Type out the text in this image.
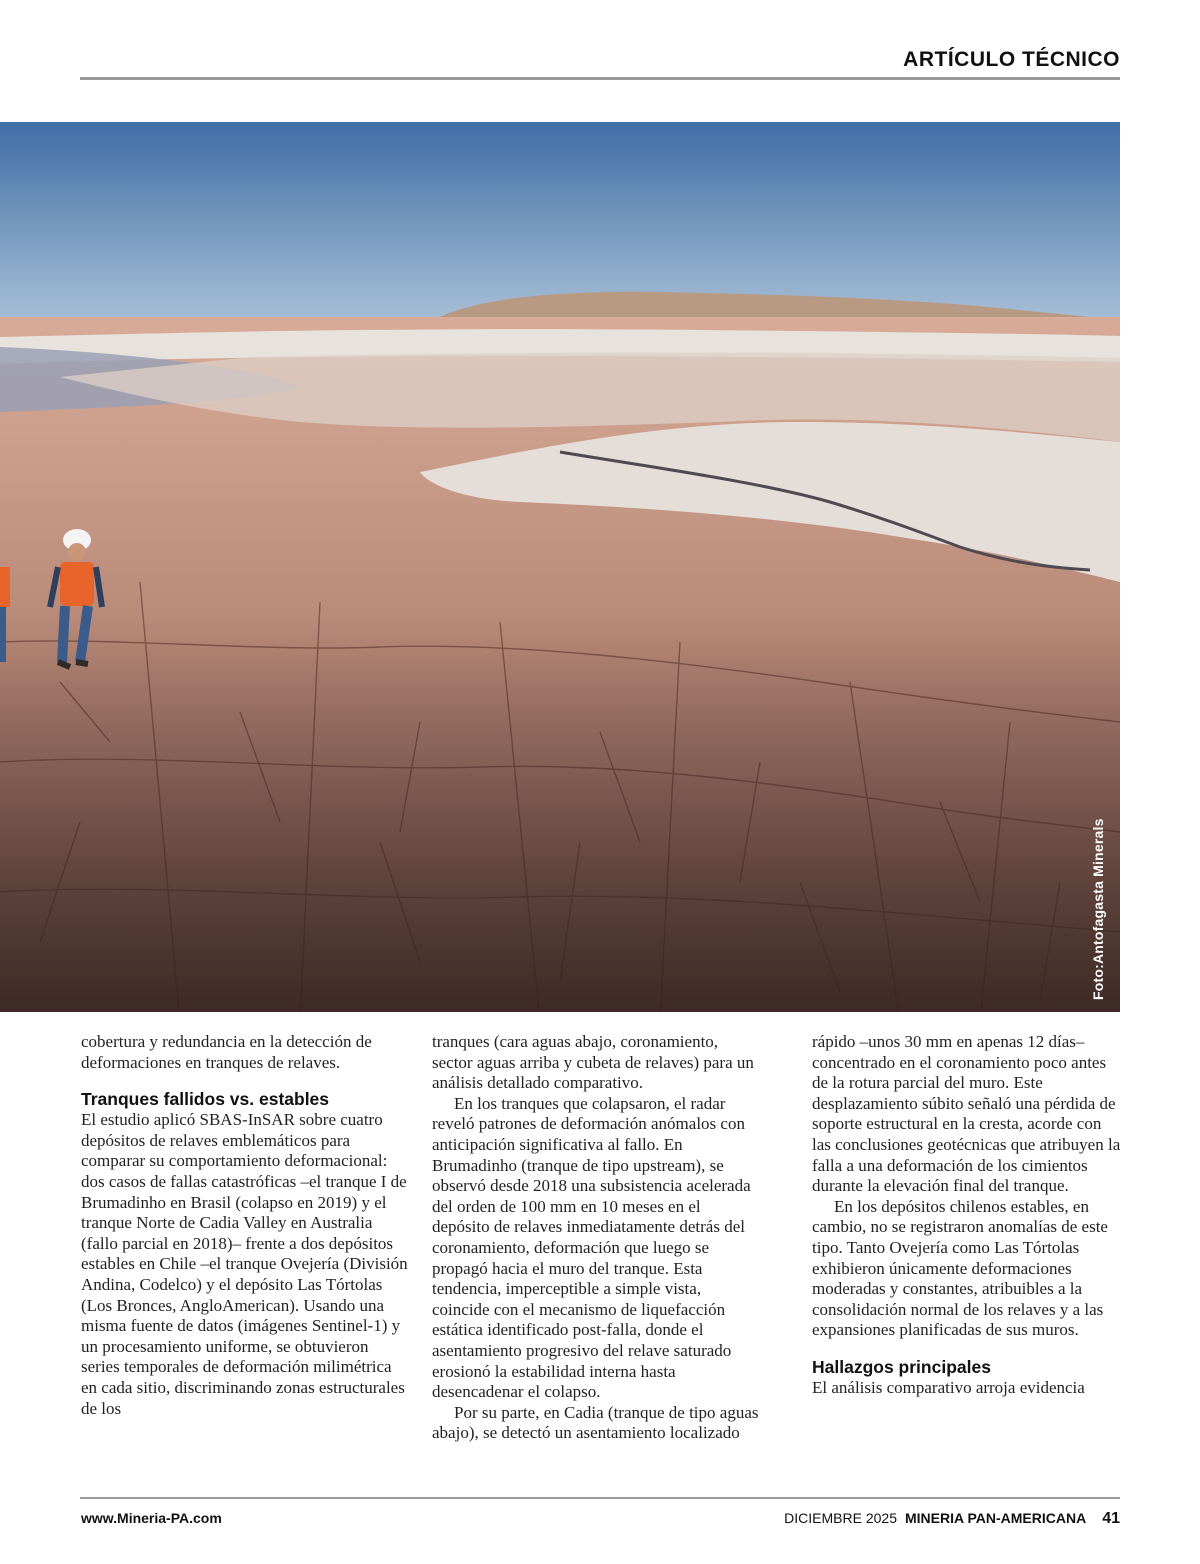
ARTÍCULO TÉCNICO
Foto:Antofagasta Minerals

cobertura y redundancia en la detección de deformaciones en tranques de relaves.

Tranques fallidos vs. estables

El estudio aplicó SBAS-InSAR sobre cuatro depósitos de relaves emblemáticos para comparar su comportamiento deformacional: dos casos de fallas catastróficas –el tranque I de Brumadinho en Brasil (colapso en 2019) y el tranque Norte de Cadia Valley en Australia (fallo parcial en 2018)– frente a dos depósitos estables en Chile –el tranque Ovejería (División Andina, Codelco) y el depósito Las Tórtolas (Los Bronces, AngloAmerican). Usando una misma fuente de datos (imágenes Sentinel-1) y un procesamiento uniforme, se obtuvieron series temporales de deformación milimétrica en cada sitio, discriminando zonas estructurales de los

tranques (cara aguas abajo, coronamiento, sector aguas arriba y cubeta de relaves) para un análisis detallado comparativo.

En los tranques que colapsaron, el radar reveló patrones de deformación anómalos con anticipación significativa al fallo. En Brumadinho (tranque de tipo upstream), se observó desde 2018 una subsistencia acelerada del orden de 100 mm en 10 meses en el depósito de relaves inmediatamente detrás del coronamiento, deformación que luego se propagó hacia el muro del tranque. Esta tendencia, imperceptible a simple vista, coincide con el mecanismo de liquefacción estática identificado post-falla, donde el asentamiento progresivo del relave saturado erosionó la estabilidad interna hasta desencadenar el colapso.

Por su parte, en Cadia (tranque de tipo aguas abajo), se detectó un asentamiento localizado

rápido –unos 30 mm en apenas 12 días– concentrado en el coronamiento poco antes de la rotura parcial del muro. Este desplazamiento súbito señaló una pérdida de soporte estructural en la cresta, acorde con las conclusiones geotécnicas que atribuyen la falla a una deformación de los cimientos durante la elevación final del tranque.

En los depósitos chilenos estables, en cambio, no se registraron anomalías de este tipo. Tanto Ovejería como Las Tórtolas exhibieron únicamente deformaciones moderadas y constantes, atribuibles a la consolidación normal de los relaves y a las expansiones planificadas de sus muros.

Hallazgos principales

El análisis comparativo arroja evidencia

www.Mineria-PA.com	DICIEMBRE 2025 MINERIA PAN-AMERICANA 41
